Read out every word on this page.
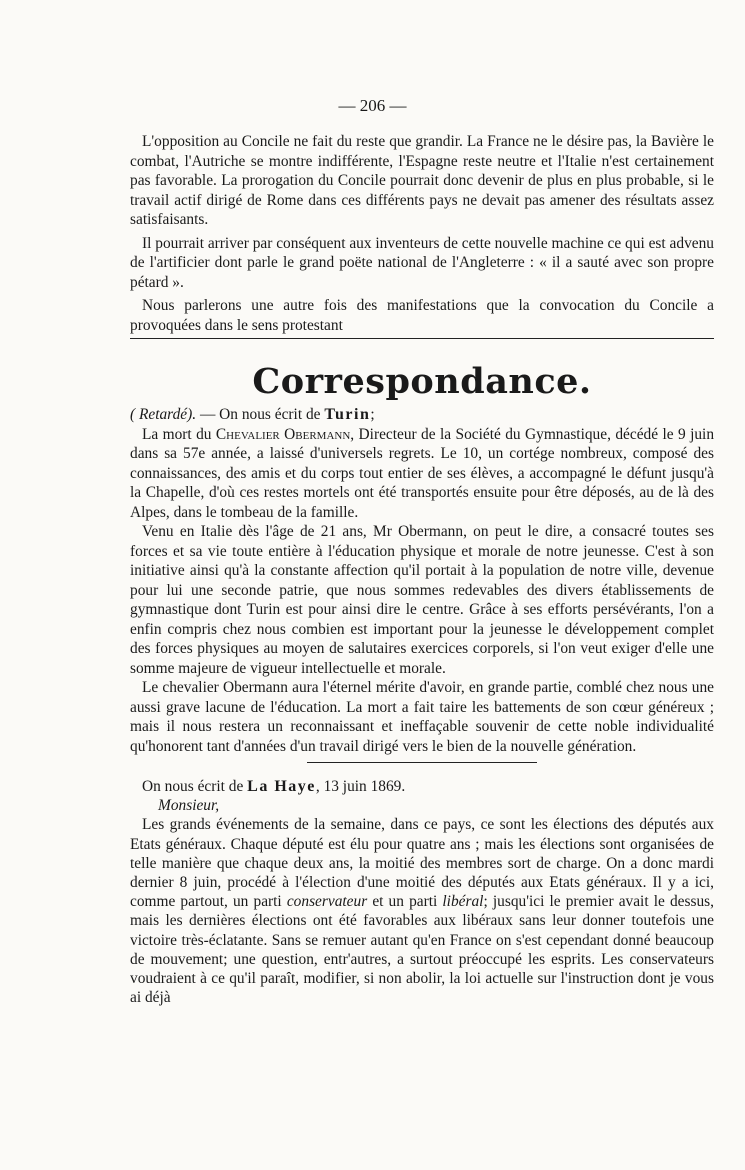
— 206 —

L'opposition au Concile ne fait du reste que grandir. La France ne le désire pas, la Bavière le combat, l'Autriche se montre indifférente, l'Espagne reste neutre et l'Italie n'est certainement pas favorable. La prorogation du Concile pourrait donc devenir de plus en plus probable, si le travail actif dirigé de Rome dans ces différents pays ne devait pas amener des résultats assez satisfaisants.

Il pourrait arriver par conséquent aux inventeurs de cette nouvelle machine ce qui est advenu de l'artificier dont parle le grand poëte national de l'Angleterre : « il a sauté avec son propre pétard ».

Nous parlerons une autre fois des manifestations que la convocation du Concile a provoquées dans le sens protestant

Correspondance.

( Retardé). — On nous écrit de Turin;

La mort du Chevalier Obermann, Directeur de la Société du Gymnastique, décédé le 9 juin dans sa 57e année, a laissé d'universels regrets. Le 10, un cortége nombreux, composé des connaissances, des amis et du corps tout entier de ses élèves, a accompagné le défunt jusqu'à la Chapelle, d'où ces restes mortels ont été transportés ensuite pour être déposés, au de là des Alpes, dans le tombeau de la famille.

Venu en Italie dès l'âge de 21 ans, Mr Obermann, on peut le dire, a consacré toutes ses forces et sa vie toute entière à l'éducation physique et morale de notre jeunesse. C'est à son initiative ainsi qu'à la constante affection qu'il portait à la population de notre ville, devenue pour lui une seconde patrie, que nous sommes redevables des divers établissements de gymnastique dont Turin est pour ainsi dire le centre. Grâce à ses efforts persévérants, l'on a enfin compris chez nous combien est important pour la jeunesse le développement complet des forces physiques au moyen de salutaires exercices corporels, si l'on veut exiger d'elle une somme majeure de vigueur intellectuelle et morale.

Le chevalier Obermann aura l'éternel mérite d'avoir, en grande partie, comblé chez nous une aussi grave lacune de l'éducation. La mort a fait taire les battements de son cœur généreux ; mais il nous restera un reconnaissant et ineffaçable souvenir de cette noble individualité qu'honorent tant d'années d'un travail dirigé vers le bien de la nouvelle génération.

On nous écrit de La Haye, 13 juin 1869.

Monsieur,

Les grands événements de la semaine, dans ce pays, ce sont les élections des députés aux Etats généraux. Chaque député est élu pour quatre ans ; mais les élections sont organisées de telle manière que chaque deux ans, la moitié des membres sort de charge. On a donc mardi dernier 8 juin, procédé à l'élection d'une moitié des députés aux Etats généraux. Il y a ici, comme partout, un parti conservateur et un parti libéral; jusqu'ici le premier avait le dessus, mais les dernières élections ont été favorables aux libéraux sans leur donner toutefois une victoire très-éclatante. Sans se remuer autant qu'en France on s'est cependant donné beaucoup de mouvement; une question, entr'autres, a surtout préoccupé les esprits. Les conservateurs voudraient à ce qu'il paraît, modifier, si non abolir, la loi actuelle sur l'instruction dont je vous ai déjà
